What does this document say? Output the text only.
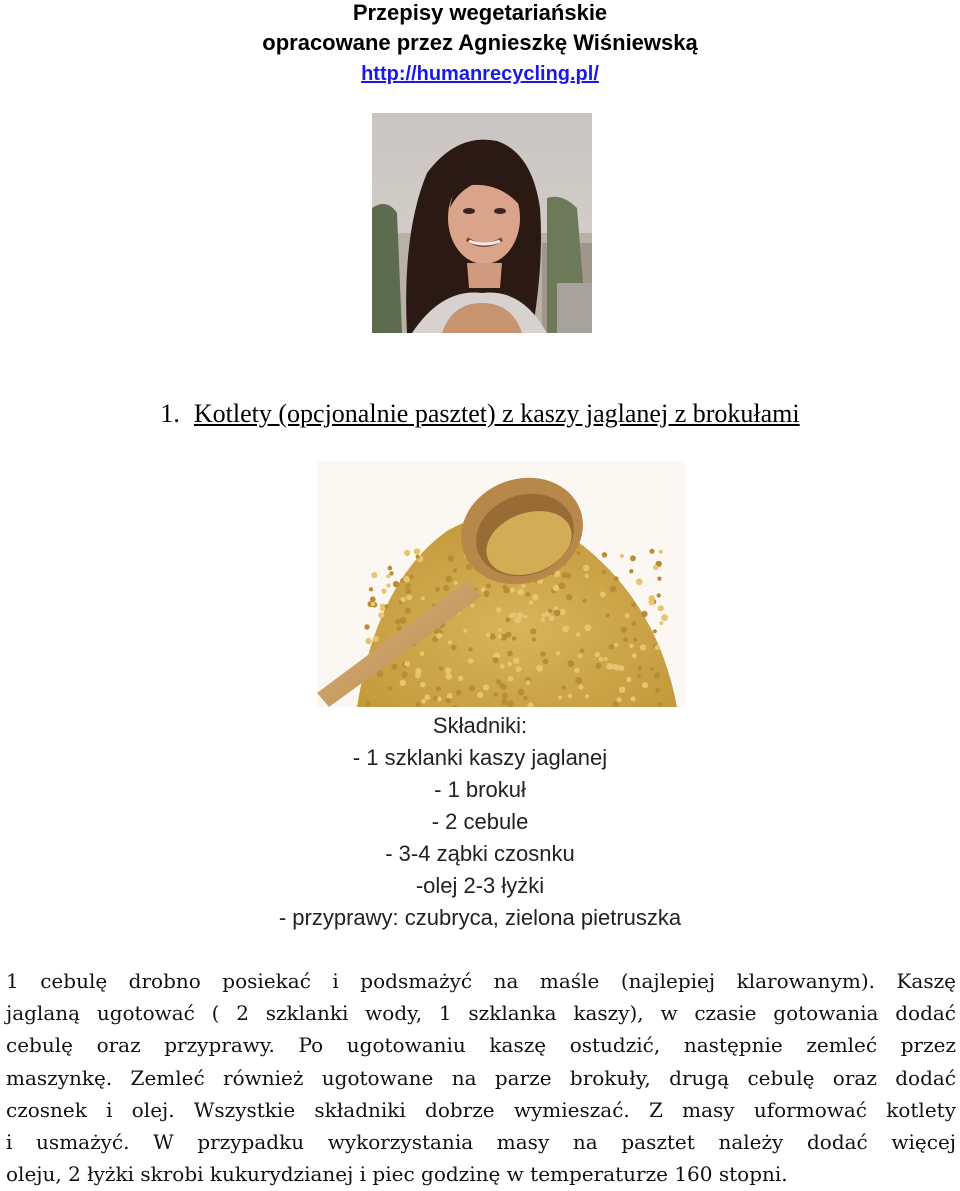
Przepisy wegetariańskie
opracowane przez Agnieszkę Wiśniewską
http://humanrecycling.pl/
1. Kotlety (opcjonalnie pasztet) z kaszy jaglanej z brokułami
Składniki:
- 1 szklanki kaszy jaglanej
- 1 brokuł
- 2 cebule
- 3-4 ząbki czosnku
-olej 2-3 łyżki
- przyprawy: czubryca, zielona pietruszka
1 cebulę drobno posiekać i podsmażyć na maśle (najlepiej klarowanym). Kaszę
jaglaną ugotować ( 2 szklanki wody, 1 szklanka kaszy), w czasie gotowania dodać
cebulę oraz przyprawy. Po ugotowaniu kaszę ostudzić, następnie zemleć przez
maszynkę. Zemleć również ugotowane na parze brokuły, drugą cebulę oraz dodać
czosnek i olej. Wszystkie składniki dobrze wymieszać. Z masy uformować kotlety
i usmażyć. W przypadku wykorzystania masy na pasztet należy dodać więcej
oleju, 2 łyżki skrobi kukurydzianej i piec godzinę w temperaturze 160 stopni.
